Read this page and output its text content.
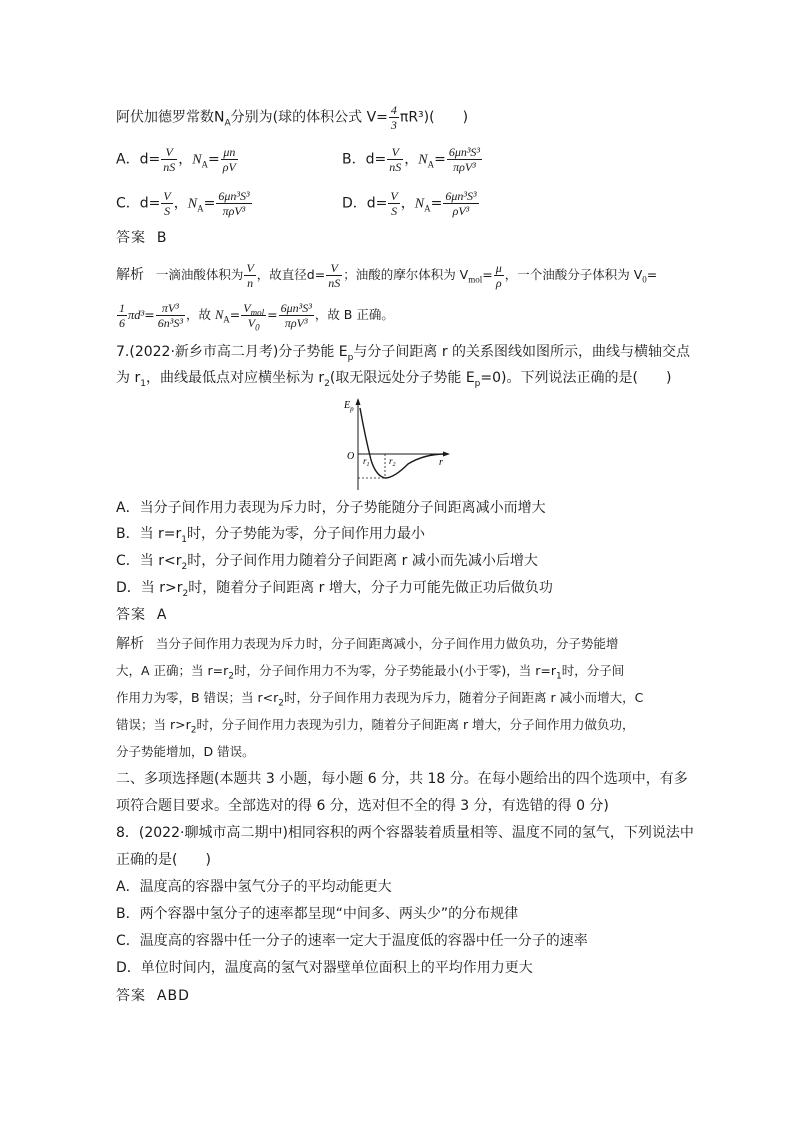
阿伏加德罗常数$N_A$分别为(球的体积公式 $V= \frac{4}{3} \pi R^3$)(　　)
A．$d= \frac{V}{nS}$ ，$N_A= \frac{\mu n}{\rho V}$	B．$d= \frac{V}{nS}$ ，$N_A= \frac{\text{6μn³S³}}{\text{πρV³}}$
C．$d= \frac{V}{S}$ ，$N_A= \frac{\text{6μn³S³}}{\text{πρV³}}$	D．$d= \frac{V}{S}$ ，$N_A= \frac{\text{6μn³S³}}{\text{ρV³}}$
答案 B
解析 一滴油酸体积为 $\frac{V}{n}$ ，故直径$d= \frac{V}{nS}$ ；油酸的摩尔体积为 $V_{mol}= \frac{\mu}{\rho}$ ，一个油酸分子体积为 $V_0=$
$\frac{1}{6} \pi d^3= \frac{\text{πV³}}{\text{6n³S³}}$ ，故 $N_A= \frac{V_{mol}}{V_0} = \frac{\text{6μn³S³}}{\text{πρV³}}$ ，故 B 正确。
7.(2022·新乡市高二月考)分子势能 $E_p$与分子间距离 r 的关系图线如图所示，曲线与横轴交点
为 $r_1$，曲线最低点对应横坐标为 $r_2$(取无限远处分子势能 $E_p=0$)。下列说法正确的是(　　)
$E_p$
O $r_1$ $r_2$	r
A．当分子间作用力表现为斥力时，分子势能随分子间距离减小而增大
B．当 $r=r_1$时，分子势能为零，分子间作用力最小
C．当 $r<r_2$时，分子间作用力随着分子间距离 r 减小而先减小后增大
D．当 $r>r_2$时，随着分子间距离 r 增大，分子力可能先做正功后做负功
答案 A
解析 当分子间作用力表现为斥力时，分子间距离减小，分子间作用力做负功，分子势能增
大，A 正确；当 $r=r_2$时，分子间作用力不为零，分子势能最小(小于零)，当 $r=r_1$时，分子间
作用力为零，B 错误；当 $r<r_2$时，分子间作用力表现为斥力，随着分子间距离 r 减小而增大，C
错误；当 $r>r_2$时，分子间作用力表现为引力，随着分子间距离 r 增大，分子间作用力做负功，
分子势能增加，D 错误。
二、多项选择题(本题共 3 小题，每小题 6 分，共 18 分。在每小题给出的四个选项中，有多
项符合题目要求。全部选对的得 6 分，选对但不全的得 3 分，有选错的得 0 分)
8．(2022·聊城市高二期中)相同容积的两个容器装着质量相等、温度不同的氢气，下列说法中
正确的是(　　)
A．温度高的容器中氢气分子的平均动能更大
B．两个容器中氢分子的速率都呈现“中间多、两头少”的分布规律
C．温度高的容器中任一分子的速率一定大于温度低的容器中任一分子的速率
D．单位时间内，温度高的氢气对器壁单位面积上的平均作用力更大
答案 ABD
